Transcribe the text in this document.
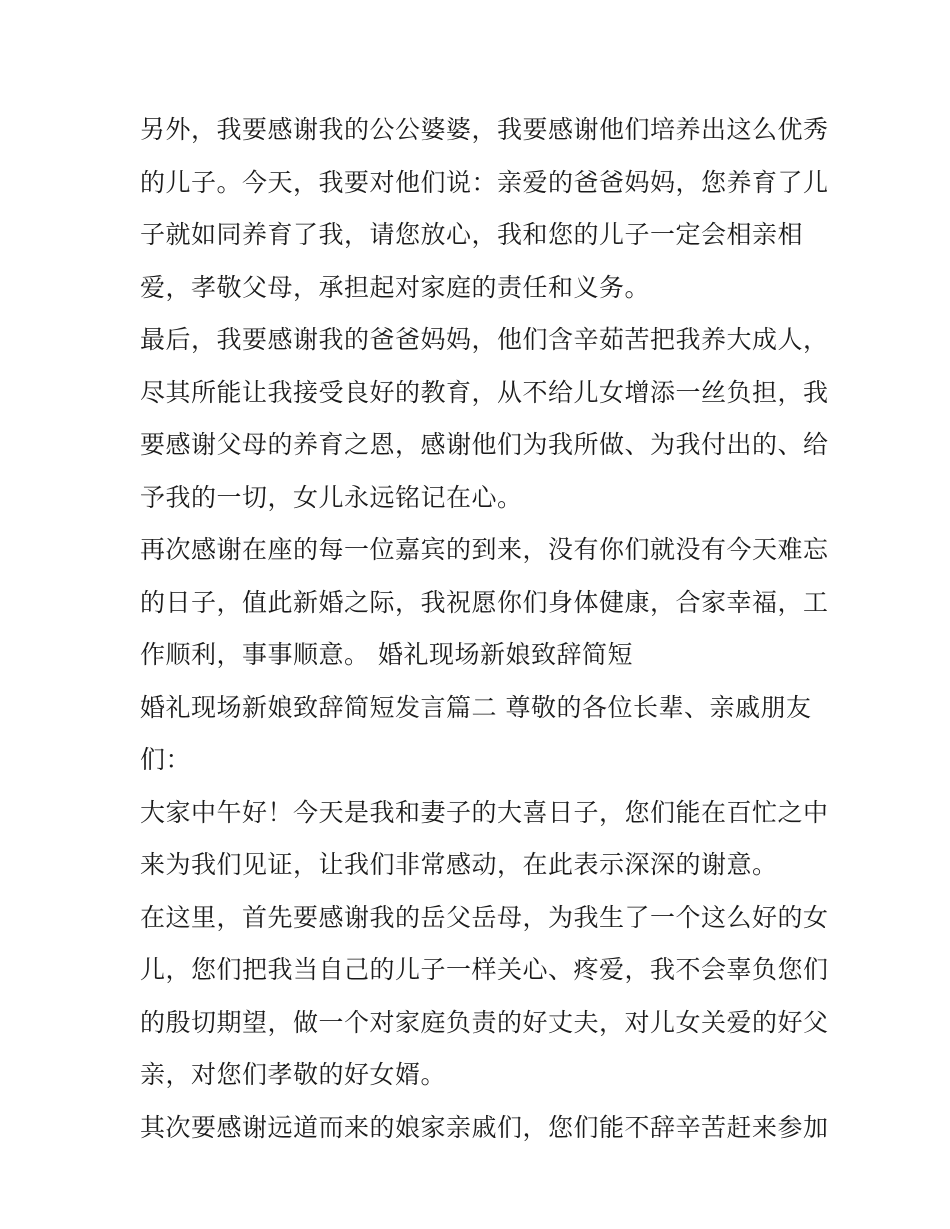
另外，我要感谢我的公公婆婆，我要感谢他们培养出这么优秀
的儿子。今天，我要对他们说：亲爱的爸爸妈妈，您养育了儿
子就如同养育了我，请您放心，我和您的儿子一定会相亲相
爱，孝敬父母，承担起对家庭的责任和义务。
最后，我要感谢我的爸爸妈妈，他们含辛茹苦把我养大成人，
尽其所能让我接受良好的教育，从不给儿女增添一丝负担，我
要感谢父母的养育之恩，感谢他们为我所做、为我付出的、给
予我的一切，女儿永远铭记在心。
再次感谢在座的每一位嘉宾的到来，没有你们就没有今天难忘
的日子，值此新婚之际，我祝愿你们身体健康，合家幸福，工
作顺利，事事顺意。 婚礼现场新娘致辞简短
婚礼现场新娘致辞简短发言篇二 尊敬的各位长辈、亲戚朋友
们：
大家中午好！今天是我和妻子的大喜日子，您们能在百忙之中
来为我们见证，让我们非常感动，在此表示深深的谢意。
在这里，首先要感谢我的岳父岳母，为我生了一个这么好的女
儿，您们把我当自己的儿子一样关心、疼爱，我不会辜负您们
的殷切期望，做一个对家庭负责的好丈夫，对儿女关爱的好父
亲，对您们孝敬的好女婿。
其次要感谢远道而来的娘家亲戚们，您们能不辞辛苦赶来参加
